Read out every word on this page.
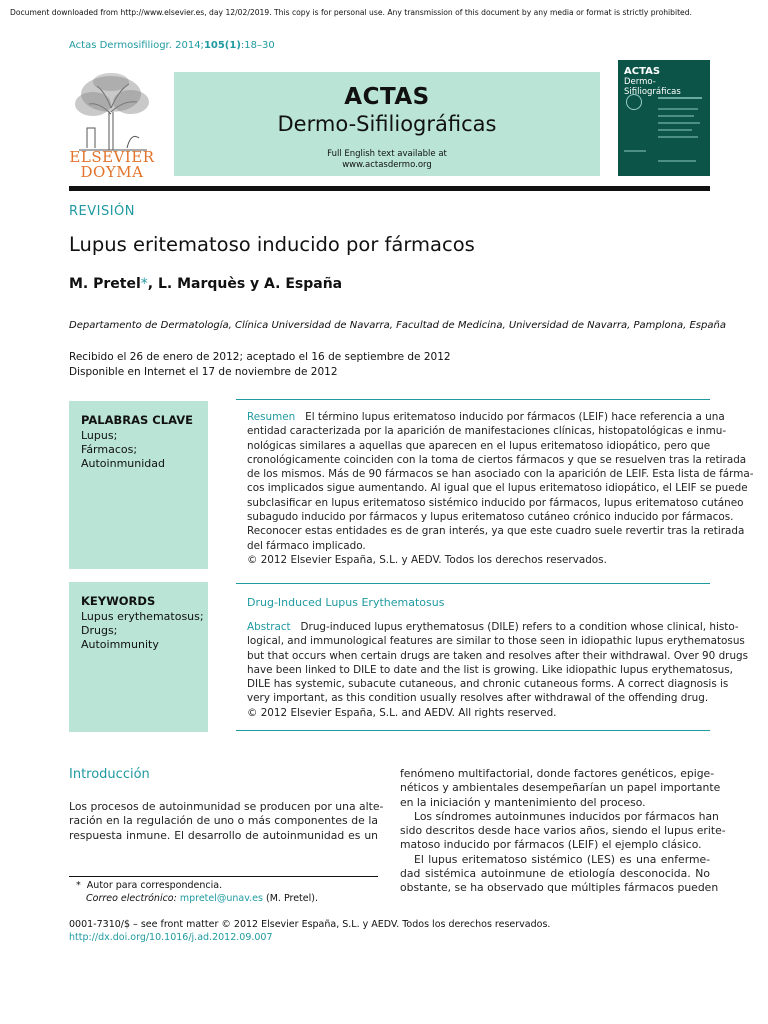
Document downloaded from http://www.elsevier.es, day 12/02/2019. This copy is for personal use. Any transmission of this document by any media or format is strictly prohibited.
Actas Dermosifiliogr. 2014;105(1):18–30
ELSEVIER
DOYMA
ACTAS
Dermo-Sifiliográficas
Full English text available at
www.actasdermo.org
ACTAS
Dermo-Sifiliográficas
REVISIÓN
Lupus eritematoso inducido por fármacos
M. Pretel*, L. Marquès y A. España
Departamento de Dermatología, Clínica Universidad de Navarra, Facultad de Medicina, Universidad de Navarra, Pamplona, España
Recibido el 26 de enero de 2012; aceptado el 16 de septiembre de 2012
Disponible en Internet el 17 de noviembre de 2012
PALABRAS CLAVE
Lupus;
Fármacos;
Autoinmunidad
KEYWORDS
Lupus erythematosus;
Drugs;
Autoimmunity
Resumen El término lupus eritematoso inducido por fármacos (LEIF) hace referencia a una
entidad caracterizada por la aparición de manifestaciones clínicas, histopatológicas e inmu-
nológicas similares a aquellas que aparecen en el lupus eritematoso idiopático, pero que
cronológicamente coinciden con la toma de ciertos fármacos y que se resuelven tras la retirada
de los mismos. Más de 90 fármacos se han asociado con la aparición de LEIF. Esta lista de fárma-
cos implicados sigue aumentando. Al igual que el lupus eritematoso idiopático, el LEIF se puede
subclasificar en lupus eritematoso sistémico inducido por fármacos, lupus eritematoso cutáneo
subagudo inducido por fármacos y lupus eritematoso cutáneo crónico inducido por fármacos.
Reconocer estas entidades es de gran interés, ya que este cuadro suele revertir tras la retirada
del fármaco implicado.
© 2012 Elsevier España, S.L. y AEDV. Todos los derechos reservados.
Drug-Induced Lupus Erythematosus
Abstract Drug-induced lupus erythematosus (DILE) refers to a condition whose clinical, histo-
logical, and immunological features are similar to those seen in idiopathic lupus erythematosus
but that occurs when certain drugs are taken and resolves after their withdrawal. Over 90 drugs
have been linked to DILE to date and the list is growing. Like idiopathic lupus erythematosus,
DILE has systemic, subacute cutaneous, and chronic cutaneous forms. A correct diagnosis is
very important, as this condition usually resolves after withdrawal of the offending drug.
© 2012 Elsevier España, S.L. and AEDV. All rights reserved.
Introducción
Los procesos de autoinmunidad se producen por una alte-
ración en la regulación de uno o más componentes de la
respuesta inmune. El desarrollo de autoinmunidad es un
fenómeno multifactorial, donde factores genéticos, epige-
néticos y ambientales desempeñarían un papel importante
en la iniciación y mantenimiento del proceso.
Los síndromes autoinmunes inducidos por fármacos han
sido descritos desde hace varios años, siendo el lupus erite-
matoso inducido por fármacos (LEIF) el ejemplo clásico.
El lupus eritematoso sistémico (LES) es una enferme-
dad sistémica autoinmune de etiología desconocida. No
obstante, se ha observado que múltiples fármacos pueden
* Autor para correspondencia.
Correo electrónico: mpretel@unav.es (M. Pretel).
0001-7310/$ – see front matter © 2012 Elsevier España, S.L. y AEDV. Todos los derechos reservados.
http://dx.doi.org/10.1016/j.ad.2012.09.007
